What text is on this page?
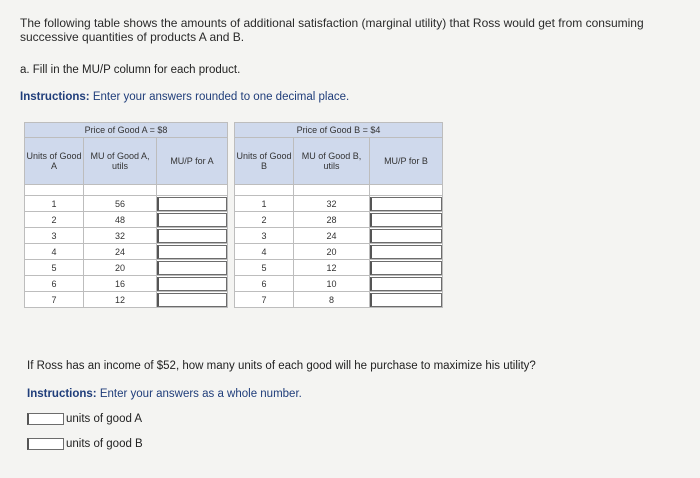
The following table shows the amounts of additional satisfaction (marginal utility) that Ross would get from consuming successive quantities of products A and B.
a. Fill in the MU/P column for each product.
Instructions: Enter your answers rounded to one decimal place.
Price of Good A = $8				Price of Good B = $4		
Units of Good A	MU of Good A, utils	MU/P for A		Units of Good B	MU of Good B, utils	MU/P for B

1	56			1	32	

2	48			2	28	

3	32			3	24	

4	24			4	20	

5	20			5	12	

6	16			6	10	

7	12			7	8	
If Ross has an income of $52, how many units of each good will he purchase to maximize his utility?
Instructions: Enter your answers as a whole number.
units of good A
units of good B
